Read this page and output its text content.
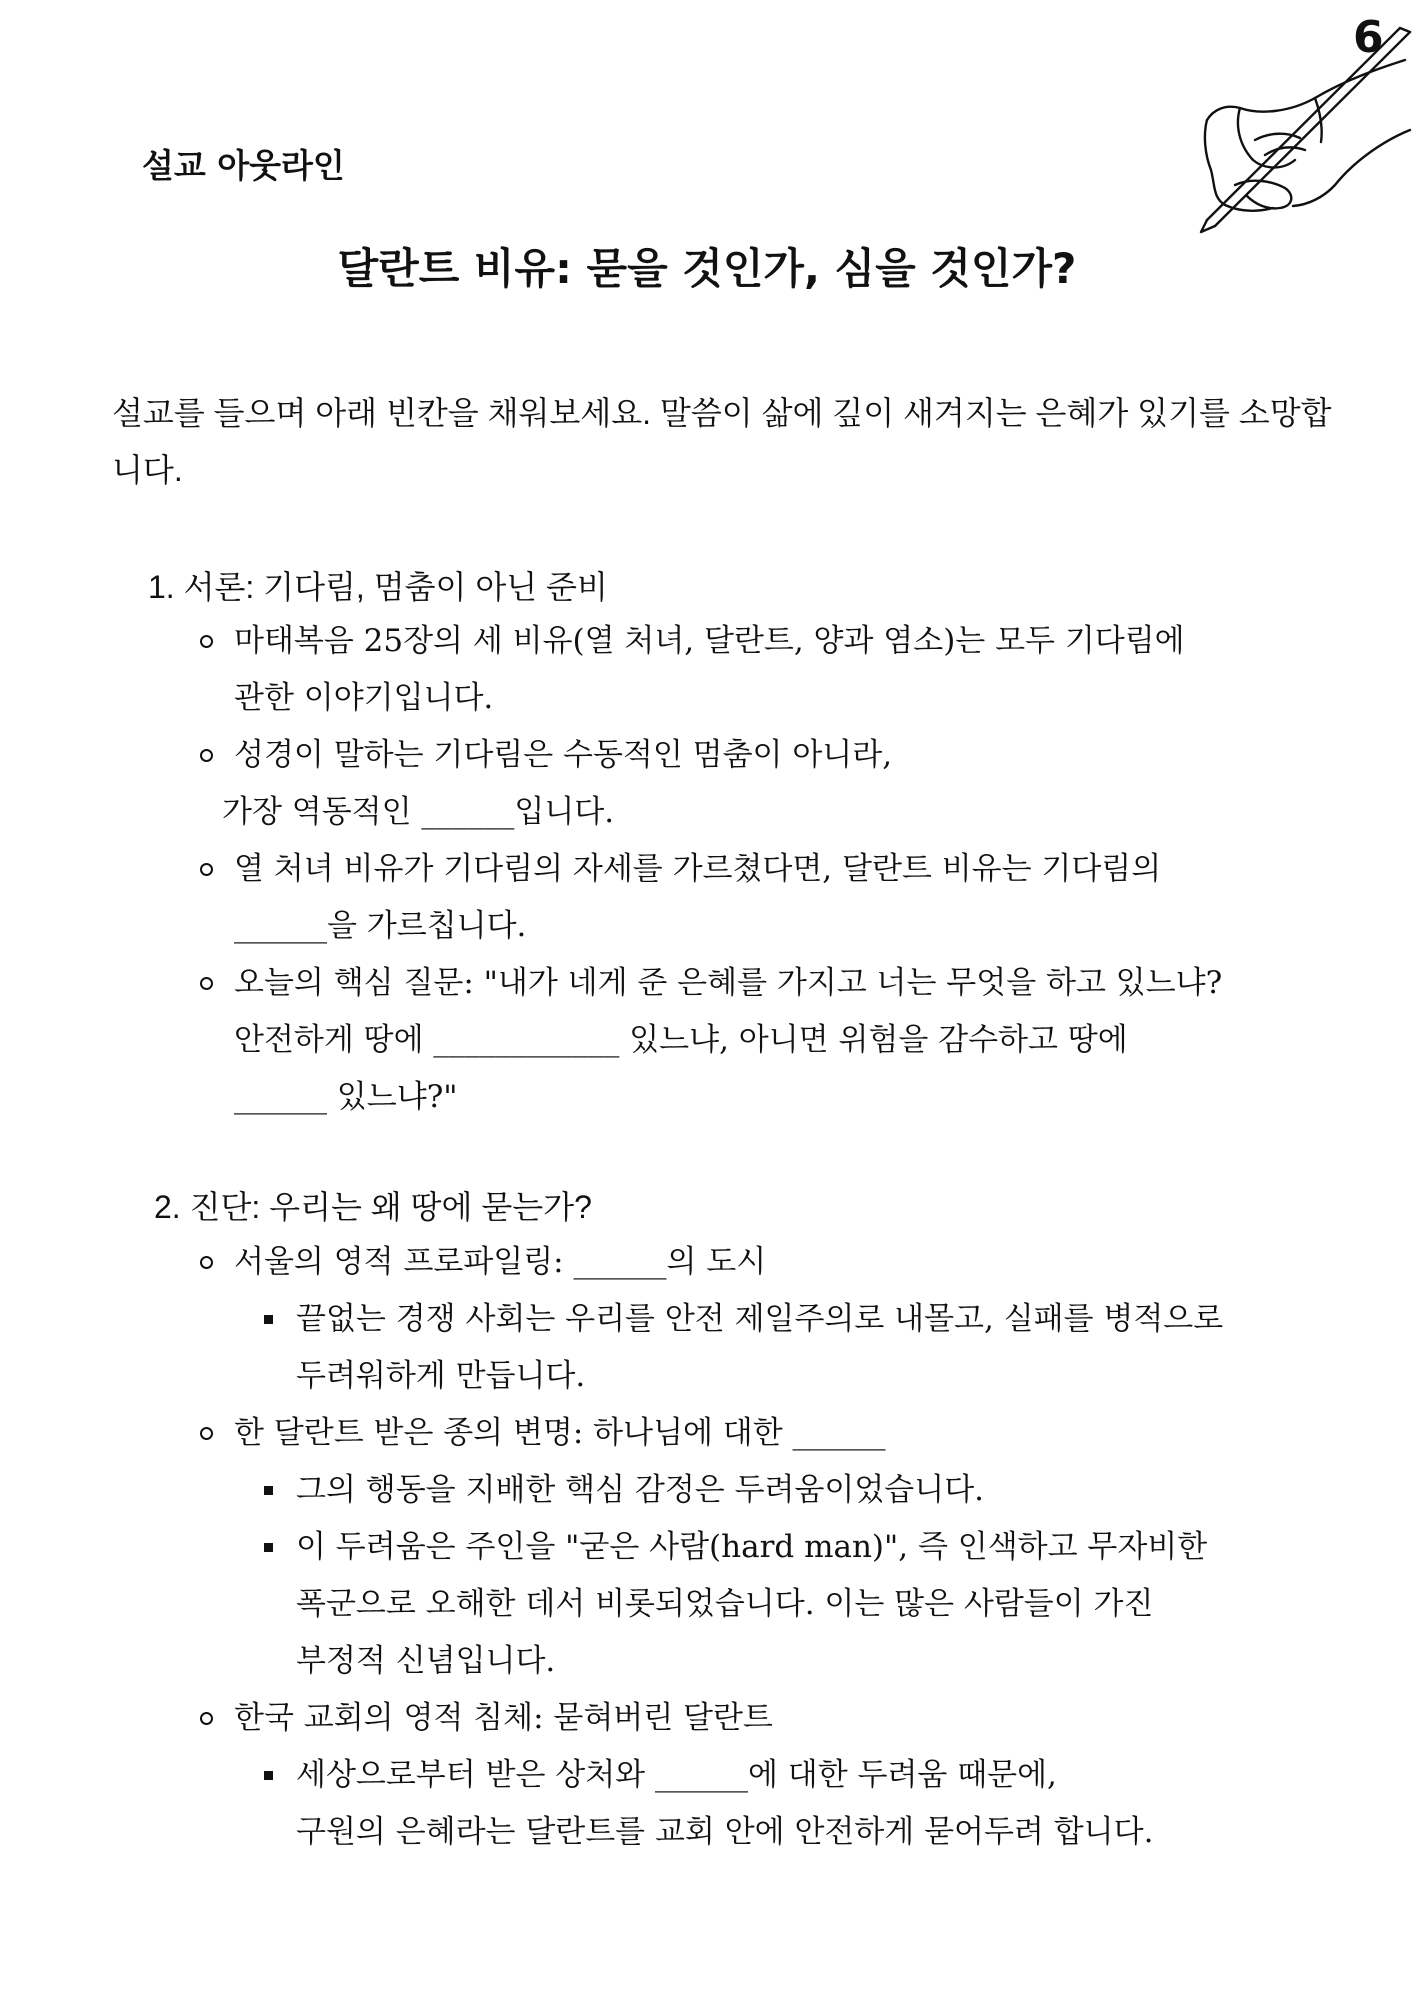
6
설교 아웃라인
달란트 비유: 묻을 것인가, 심을 것인가?
설교를 들으며 아래 빈칸을 채워보세요. 말씀이 삶에 깊이 새겨지는 은혜가 있기를 소망합니다.
1. 서론: 기다림, 멈춤이 아닌 준비
마태복음 25장의 세 비유(열 처녀, 달란트, 양과 염소)는 모두 기다림에
관한 이야기입니다.
성경이 말하는 기다림은 수동적인 멈춤이 아니라,
가장 역동적인 ______입니다.
열 처녀 비유가 기다림의 자세를 가르쳤다면, 달란트 비유는 기다림의
______을 가르칩니다.
오늘의 핵심 질문: "내가 네게 준 은혜를 가지고 너는 무엇을 하고 있느냐?
안전하게 땅에 ____________ 있느냐, 아니면 위험을 감수하고 땅에
______ 있느냐?"
2. 진단: 우리는 왜 땅에 묻는가?
서울의 영적 프로파일링: ______의 도시
끝없는 경쟁 사회는 우리를 안전 제일주의로 내몰고, 실패를 병적으로
두려워하게 만듭니다.
한 달란트 받은 종의 변명: 하나님에 대한 ______
그의 행동을 지배한 핵심 감정은 두려움이었습니다.
이 두려움은 주인을 "굳은 사람(hard man)", 즉 인색하고 무자비한
폭군으로 오해한 데서 비롯되었습니다. 이는 많은 사람들이 가진
부정적 신념입니다.
한국 교회의 영적 침체: 묻혀버린 달란트
세상으로부터 받은 상처와 ______에 대한 두려움 때문에,
구원의 은혜라는 달란트를 교회 안에 안전하게 묻어두려 합니다.
